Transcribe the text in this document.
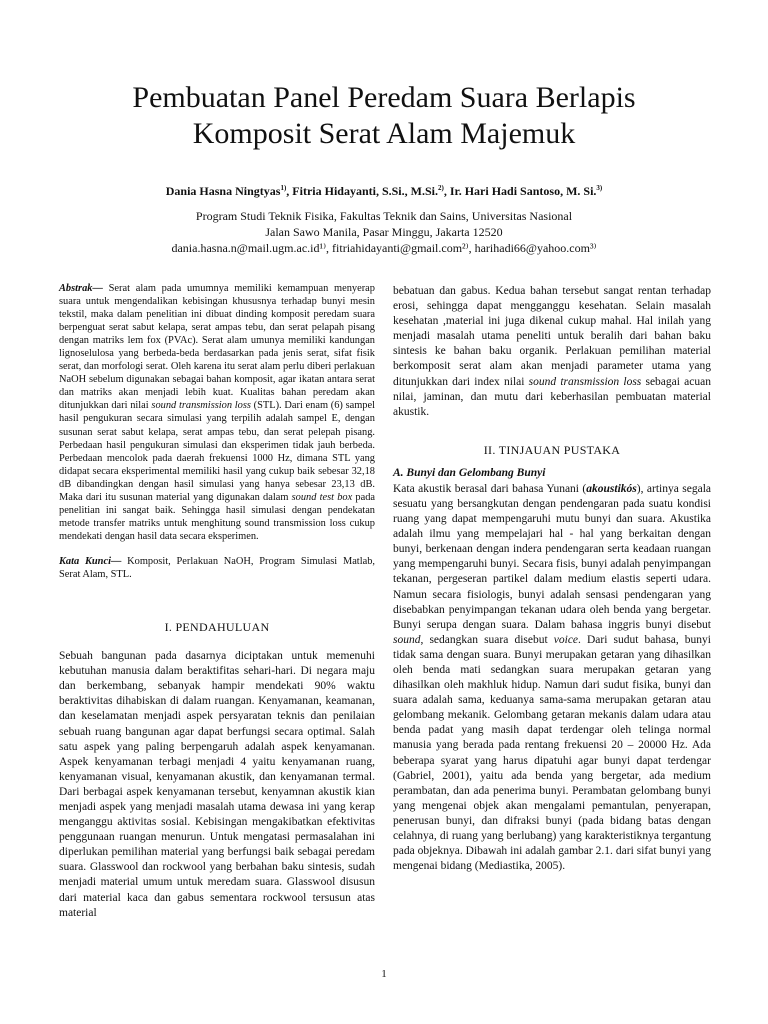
Pembuatan Panel Peredam Suara Berlapis
Komposit Serat Alam Majemuk
Dania Hasna Ningtyas$^{1)}$, Fitria Hidayanti, S.Si., M.Si.$^{2)}$, Ir. Hari Hadi Santoso, M. Si.$^{3)}$
Program Studi Teknik Fisika, Fakultas Teknik dan Sains, Universitas Nasional
Jalan Sawo Manila, Pasar Minggu, Jakarta 12520
dania.hasna.n@mail.ugm.ac.id¹⁾, fitriahidayanti@gmail.com²⁾, harihadi66@yahoo.com³⁾

Abstrak— Serat alam pada umumnya memiliki kemampuan menyerap suara untuk mengendalikan kebisingan khususnya terhadap bunyi mesin tekstil, maka dalam penelitian ini dibuat dinding komposit peredam suara berpenguat serat sabut kelapa, serat ampas tebu, dan serat pelapah pisang dengan matriks lem fox (PVAc). Serat alam umunya memiliki kandungan lignoselulosa yang berbeda-beda berdasarkan pada jenis serat, sifat fisik serat, dan morfologi serat. Oleh karena itu serat alam perlu diberi perlakuan NaOH sebelum digunakan sebagai bahan komposit, agar ikatan antara serat dan matriks akan menjadi lebih kuat. Kualitas bahan peredam akan ditunjukkan dari nilai sound transmission loss (STL). Dari enam (6) sampel hasil pengukuran secara simulasi yang terpilih adalah sampel E, dengan susunan serat sabut kelapa, serat ampas tebu, dan serat pelepah pisang. Perbedaan hasil pengukuran simulasi dan eksperimen tidak jauh berbeda. Perbedaan mencolok pada daerah frekuensi 1000 Hz, dimana STL yang didapat secara eksperimental memiliki hasil yang cukup baik sebesar 32,18 dB dibandingkan dengan hasil simulasi yang hanya sebesar 23,13 dB. Maka dari itu susunan material yang digunakan dalam sound test box pada penelitian ini sangat baik. Sehingga hasil simulasi dengan pendekatan metode transfer matriks untuk menghitung sound transmission loss cukup mendekati dengan hasil data secara eksperimen.

Kata Kunci— Komposit, Perlakuan NaOH, Program Simulasi Matlab, Serat Alam, STL.

I. PENDAHULUAN

Sebuah bangunan pada dasarnya diciptakan untuk memenuhi kebutuhan manusia dalam beraktifitas sehari-hari. Di negara maju dan berkembang, sebanyak hampir mendekati 90% waktu beraktivitas dihabiskan di dalam ruangan. Kenyamanan, keamanan, dan keselamatan menjadi aspek persyaratan teknis dan penilaian sebuah ruang bangunan agar dapat berfungsi secara optimal. Salah satu aspek yang paling berpengaruh adalah aspek kenyamanan. Aspek kenyamanan terbagi menjadi 4 yaitu kenyamanan ruang, kenyamanan visual, kenyamanan akustik, dan kenyamanan termal. Dari berbagai aspek kenyamanan tersebut, kenyamnan akustik kian menjadi aspek yang menjadi masalah utama dewasa ini yang kerap menganggu aktivitas sosial. Kebisingan mengakibatkan efektivitas penggunaan ruangan menurun. Untuk mengatasi permasalahan ini diperlukan pemilihan material yang berfungsi baik sebagai peredam suara. Glasswool dan rockwool yang berbahan baku sintesis, sudah menjadi material umum untuk meredam suara. Glasswool disusun dari material kaca dan gabus sementara rockwool tersusun atas material

bebatuan dan gabus. Kedua bahan tersebut sangat rentan terhadap erosi, sehingga dapat mengganggu kesehatan. Selain masalah kesehatan ,material ini juga dikenal cukup mahal. Hal inilah yang menjadi masalah utama peneliti untuk beralih dari bahan baku sintesis ke bahan baku organik. Perlakuan pemilihan material berkomposit serat alam akan menjadi parameter utama yang ditunjukkan dari index nilai sound transmission loss sebagai acuan nilai, jaminan, dan mutu dari keberhasilan pembuatan material akustik.

II. TINJAUAN PUSTAKA
A. Bunyi dan Gelombang Bunyi

Kata akustik berasal dari bahasa Yunani (akoustikós), artinya segala sesuatu yang bersangkutan dengan pendengaran pada suatu kondisi ruang yang dapat mempengaruhi mutu bunyi dan suara. Akustika adalah ilmu yang mempelajari hal - hal yang berkaitan dengan bunyi, berkenaan dengan indera pendengaran serta keadaan ruangan yang mempengaruhi bunyi. Secara fisis, bunyi adalah penyimpangan tekanan, pergeseran partikel dalam medium elastis seperti udara. Namun secara fisiologis, bunyi adalah sensasi pendengaran yang disebabkan penyimpangan tekanan udara oleh benda yang bergetar. Bunyi serupa dengan suara. Dalam bahasa inggris bunyi disebut sound, sedangkan suara disebut voice. Dari sudut bahasa, bunyi tidak sama dengan suara. Bunyi merupakan getaran yang dihasilkan oleh benda mati sedangkan suara merupakan getaran yang dihasilkan oleh makhluk hidup. Namun dari sudut fisika, bunyi dan suara adalah sama, keduanya sama-sama merupakan getaran atau gelombang mekanik. Gelombang getaran mekanis dalam udara atau benda padat yang masih dapat terdengar oleh telinga normal manusia yang berada pada rentang frekuensi 20 – 20000 Hz. Ada beberapa syarat yang harus dipatuhi agar bunyi dapat terdengar (Gabriel, 2001), yaitu ada benda yang bergetar, ada medium perambatan, dan ada penerima bunyi. Perambatan gelombang bunyi yang mengenai objek akan mengalami pemantulan, penyerapan, penerusan bunyi, dan difraksi bunyi (pada bidang batas dengan celahnya, di ruang yang berlubang) yang karakteristiknya tergantung pada objeknya. Dibawah ini adalah gambar 2.1. dari sifat bunyi yang mengenai bidang (Mediastika, 2005).

1
